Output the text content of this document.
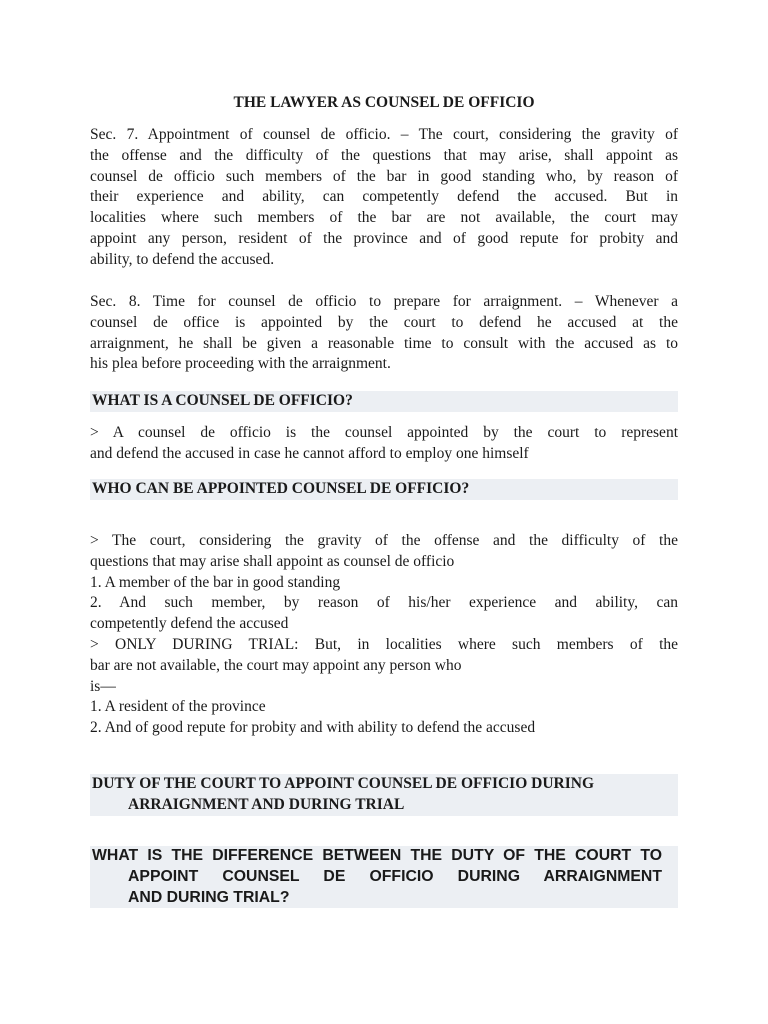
THE LAWYER AS COUNSEL DE OFFICIO
Sec. 7. Appointment of counsel de officio. – The court, considering the gravity of
the offense and the difficulty of the questions that may arise, shall appoint as
counsel de officio such members of the bar in good standing who, by reason of
their experience and ability, can competently defend the accused. But in
localities where such members of the bar are not available, the court may
appoint any person, resident of the province and of good repute for probity and
ability, to defend the accused.
Sec. 8. Time for counsel de officio to prepare for arraignment. – Whenever a
counsel de office is appointed by the court to defend he accused at the
arraignment, he shall be given a reasonable time to consult with the accused as to
his plea before proceeding with the arraignment.
WHAT IS A COUNSEL DE OFFICIO?
> A counsel de officio is the counsel appointed by the court to represent
and defend the accused in case he cannot afford to employ one himself
WHO CAN BE APPOINTED COUNSEL DE OFFICIO?
> The court, considering the gravity of the offense and the difficulty of the
questions that may arise shall appoint as counsel de officio
1. A member of the bar in good standing
2. And such member, by reason of his/her experience and ability, can
competently defend the accused
> ONLY DURING TRIAL: But, in localities where such members of the
bar are not available, the court may appoint any person who
is—
1. A resident of the province
2. And of good repute for probity and with ability to defend the accused
DUTY OF THE COURT TO APPOINT COUNSEL DE OFFICIO DURING
ARRAIGNMENT AND DURING TRIAL
WHAT IS THE DIFFERENCE BETWEEN THE DUTY OF THE COURT TO
APPOINT COUNSEL DE OFFICIO DURING ARRAIGNMENT
AND DURING TRIAL?
